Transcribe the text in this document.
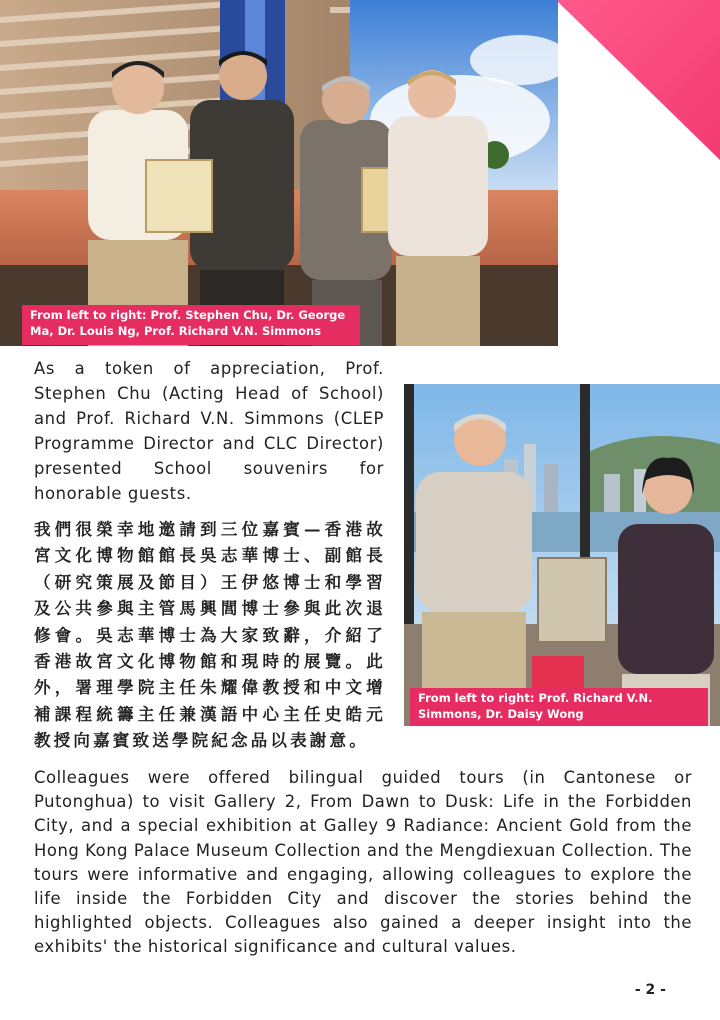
From left to right: Prof. Stephen Chu, Dr. George Ma, Dr. Louis Ng, Prof. Richard V.N. Simmons

As a token of appreciation, Prof. Stephen Chu (Acting Head of School) and Prof. Richard V.N. Simmons (CLEP Programme Director and CLC Director) presented School souvenirs for honorable guests.

From left to right: Prof. Richard V.N. Simmons, Dr. Daisy Wong

我們很榮幸地邀請到三位嘉賓—香港故宮文化博物館館長吳志華博士、副館長（研究策展及節目）王伊悠博士和學習及公共參與主管馬興閭博士參與此次退修會。吳志華博士為大家致辭，介紹了香港故宮文化博物館和現時的展覽。此外，署理學院主任朱耀偉教授和中文增補課程統籌主任兼漢語中心主任史皓元教授向嘉賓致送學院紀念品以表謝意。

Colleagues were offered bilingual guided tours (in Cantonese or Putonghua) to visit Gallery 2, From Dawn to Dusk: Life in the Forbidden City, and a special exhibition at Galley 9 Radiance: Ancient Gold from the Hong Kong Palace Museum Collection and the Mengdiexuan Collection. The tours were informative and engaging, allowing colleagues to explore the life inside the Forbidden City and discover the stories behind the highlighted objects. Colleagues also gained a deeper insight into the exhibits' the historical significance and cultural values.

- 2 -
